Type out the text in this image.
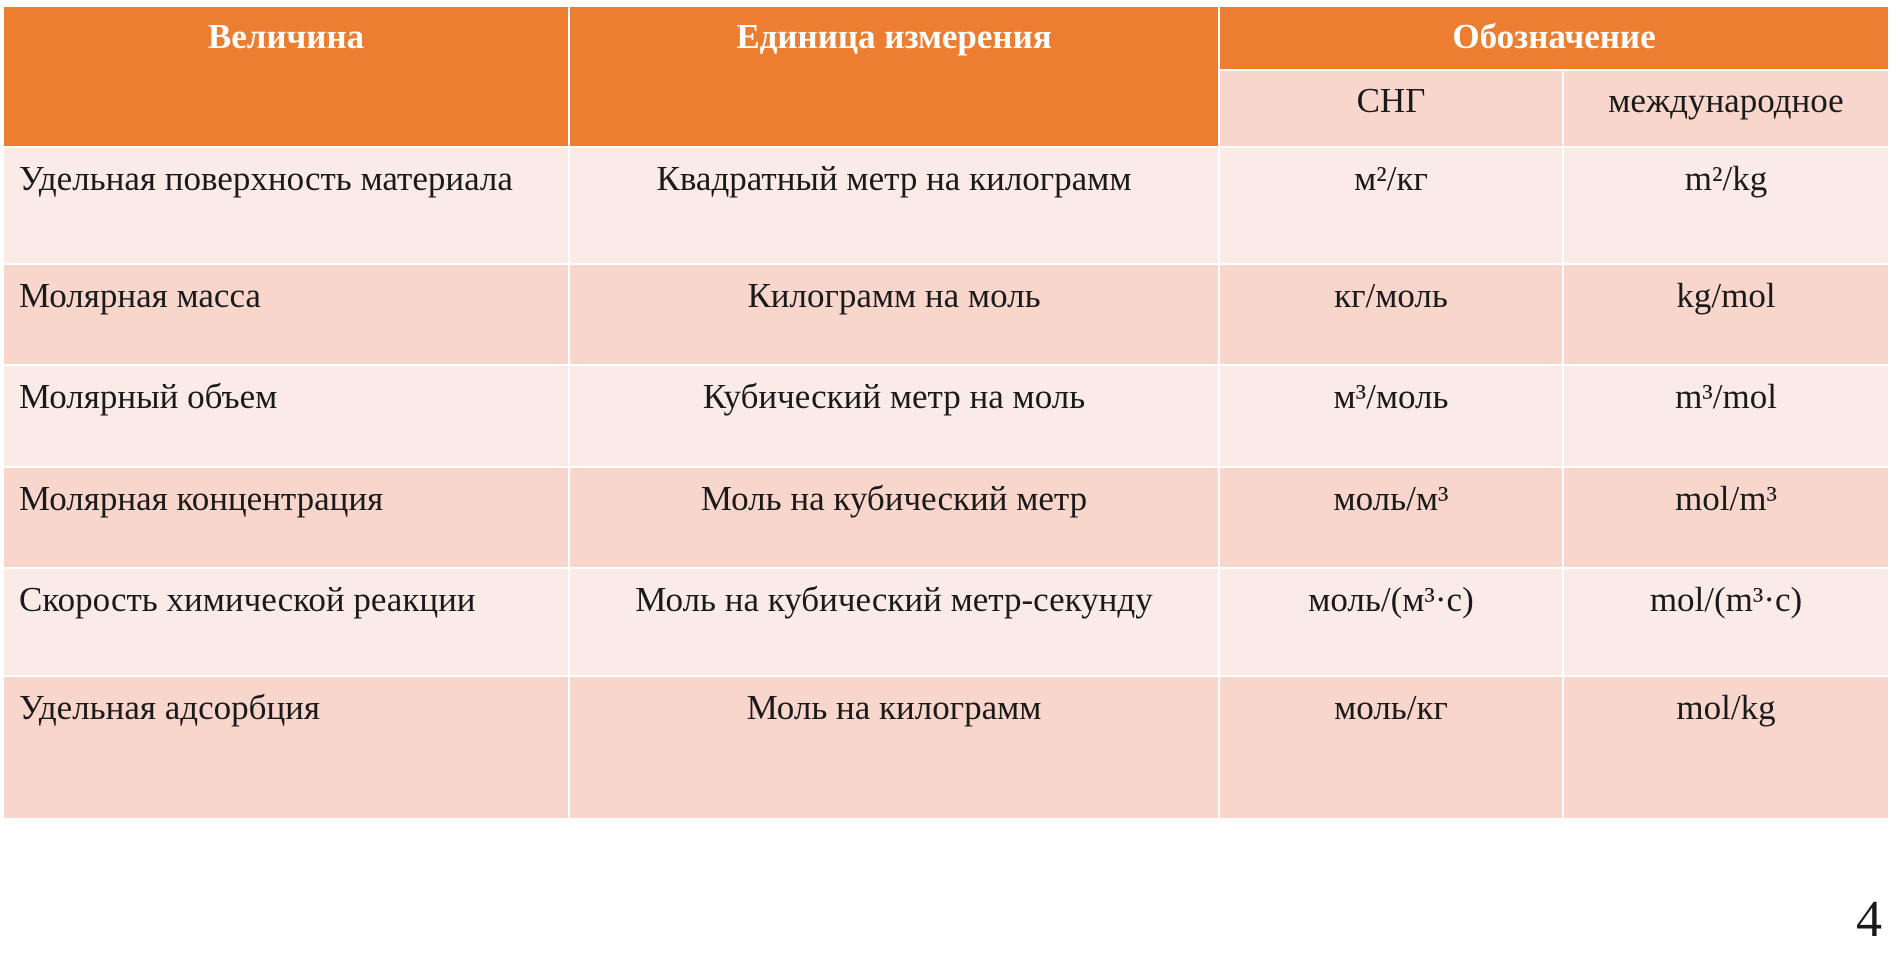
Величина	Единица измерения	Обозначение	
		СНГ	международное
Удельная поверхность материала	Квадратный метр на килограмм	м²/кг	m²/kg
Молярная масса	Килограмм на моль	кг/моль	kg/mol
Молярный объем	Кубический метр на моль	м³/моль	m³/mol
Молярная концентрация	Моль на кубический метр	моль/м³	mol/m³
Скорость химической реакции	Моль на кубический метр-секунду	моль/(м³·с)	mol/(m³·с)
Удельная адсорбция	Моль на килограмм	моль/кг	mol/kg
4
